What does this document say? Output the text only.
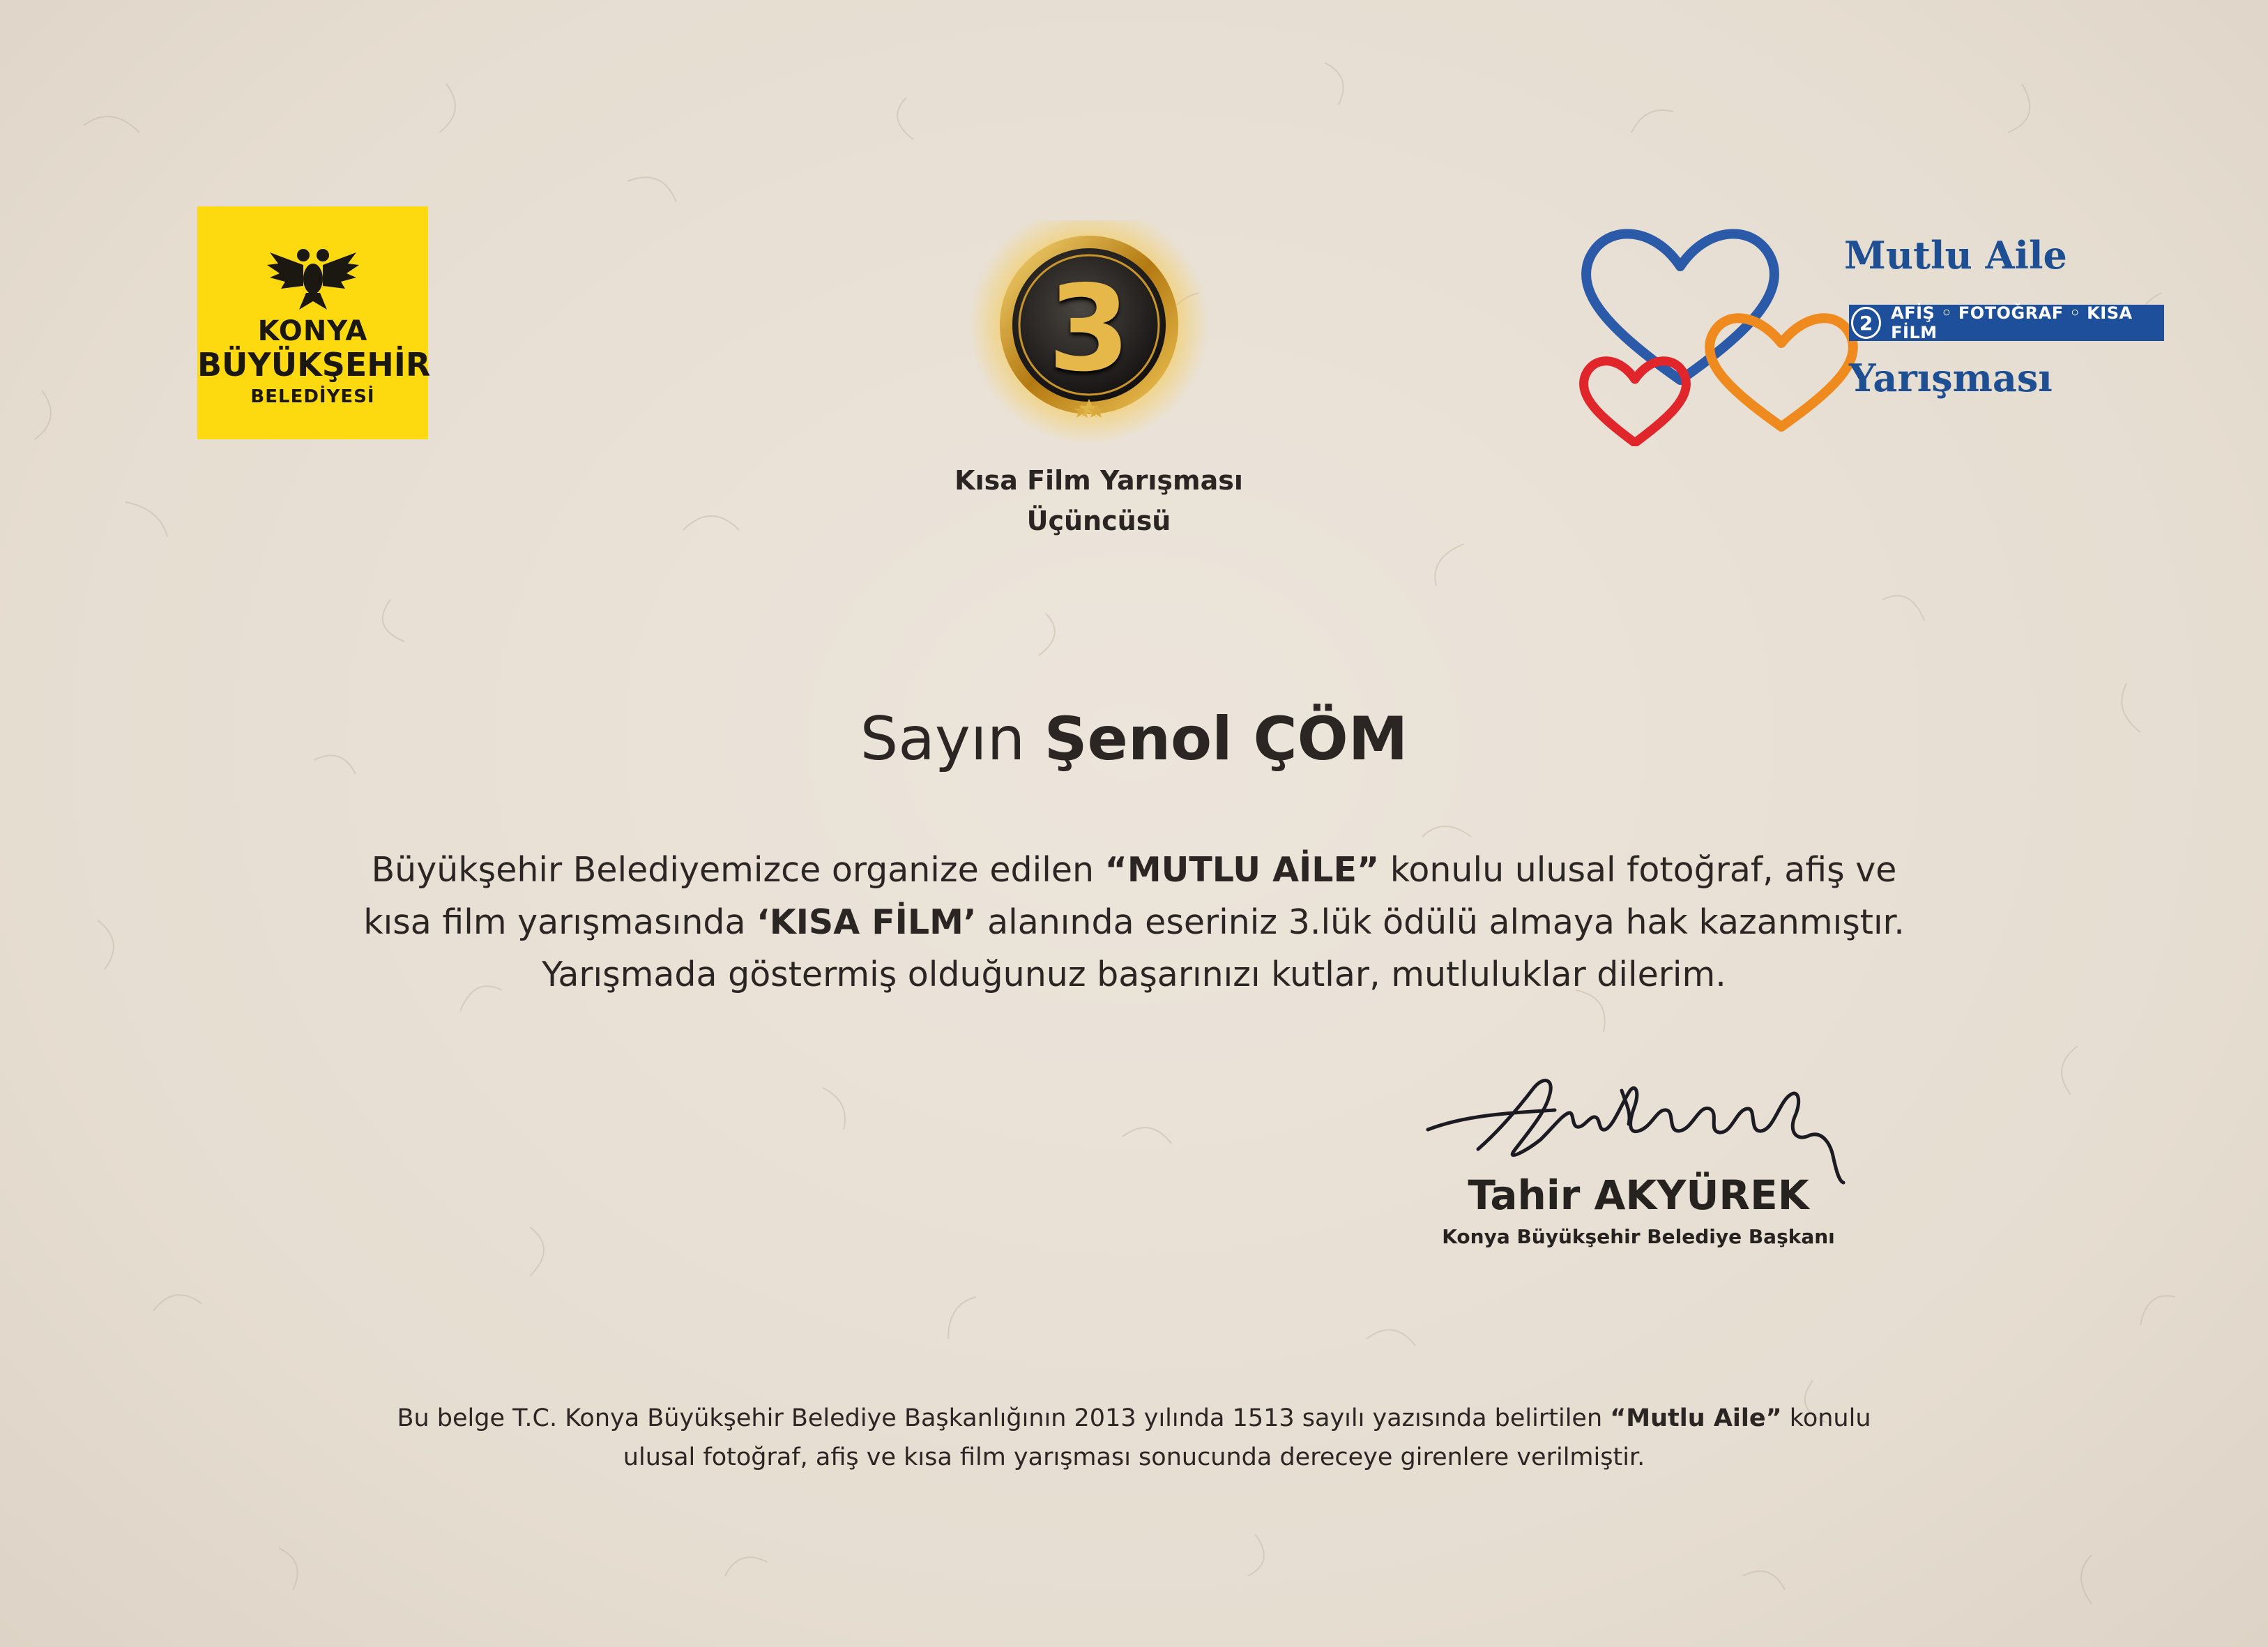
KONYA
BÜYÜKŞEHİR
BELEDİYESİ	3
Kısa Film Yarışması
Üçüncüsü
Mutlu Aile
2	AFİŞ ◦ FOTOĞRAF ◦ KISA FİLM
Yarışması
Sayın Şenol ÇÖM
Büyükşehir Belediyemizce organize edilen “MUTLU AİLE” konulu ulusal fotoğraf, afiş ve
kısa film yarışmasında ‘KISA FİLM’ alanında eseriniz 3.lük ödülü almaya hak kazanmıştır.
Yarışmada göstermiş olduğunuz başarınızı kutlar, mutluluklar dilerim.
Tahir AKYÜREK
Konya Büyükşehir Belediye Başkanı
Bu belge T.C. Konya Büyükşehir Belediye Başkanlığının 2013 yılında 1513 sayılı yazısında belirtilen “Mutlu Aile” konulu
ulusal fotoğraf, afiş ve kısa film yarışması sonucunda dereceye girenlere verilmiştir.
